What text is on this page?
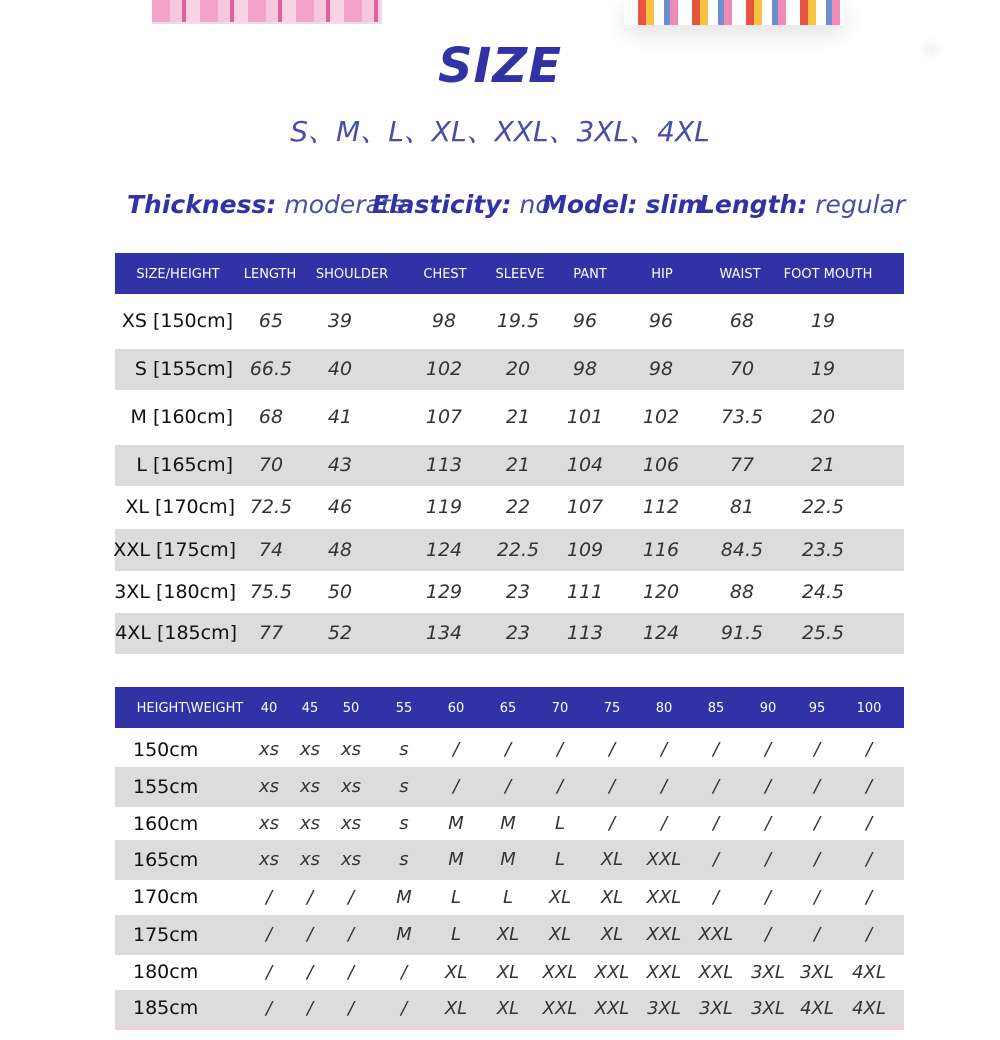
SIZE
S、M、L、XL、XXL、3XL、4XL
Thickness: moderate
Elasticity: no
Model: slim
Length: regular
SIZE/HEIGHT LENGTH SHOULDER	CHEST SLEEVE PANT	HIP	WAIST FOOT MOUTH
XS [150cm] 65 39	98 19.5 96	96	68	19
S [155cm] 66.5 40	102 20 98	98	70	19
M [160cm] 68 41	107 21 101 102 73.5	20
L [165cm] 70 43	113 21 104 106	77	21
XL [170cm] 72.5 46	119 22 107 112	81	22.5
XXL [175cm] 74 48	124 22.5 109 116 84.5 23.5
3XL [180cm] 75.5 50	129 23 111 120	88	24.5
4XL [185cm] 77 52	134 23 113 124 91.5 25.5
HEIGHT\WEIGHT 40 45 50	55	60	65	70	75	80	85	90 95 100
150cm	xs xs xs s /	/	/	/	/	/	/ /	/
155cm	xs xs xs s /	/	/	/	/	/	/ /	/
160cm	xs xs xs s M M L /	/	/	/ /	/
165cm	xs xs xs s M M L XL XXL /	/ /	/
170cm	/ / / M L L XL XL XXL /	/ /	/
175cm	/ / / M L XL XL XL XXL XXL / /	/
180cm	/ / /	/ XL XL XXL XXL XXL XXL 3XL 3XL 4XL
185cm	/ / /	/ XL XL XXL XXL 3XL 3XL 3XL 4XL 4XL
